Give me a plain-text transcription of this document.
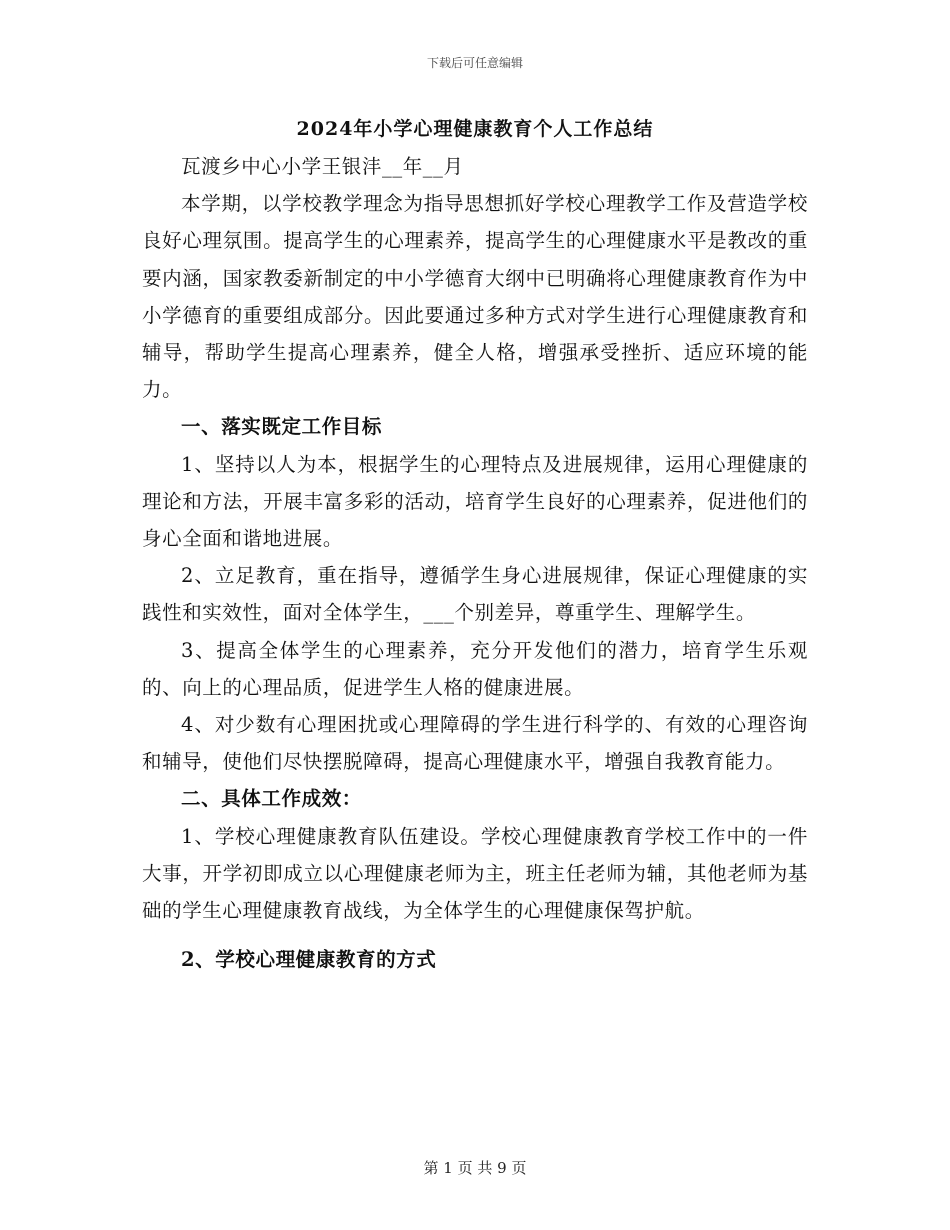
下载后可任意编辑
2024年小学心理健康教育个人工作总结

瓦渡乡中心小学王银沣__年__月

本学期，以学校教学理念为指导思想抓好学校心理教学工作及营造学校良好心理氛围。提高学生的心理素养，提高学生的心理健康水平是教改的重要内涵，国家教委新制定的中小学德育大纲中已明确将心理健康教育作为中小学德育的重要组成部分。因此要通过多种方式对学生进行心理健康教育和辅导，帮助学生提高心理素养，健全人格，增强承受挫折、适应环境的能力。

一、落实既定工作目标

1、坚持以人为本，根据学生的心理特点及进展规律，运用心理健康的理论和方法，开展丰富多彩的活动，培育学生良好的心理素养，促进他们的身心全面和谐地进展。

2、立足教育，重在指导，遵循学生身心进展规律，保证心理健康的实践性和实效性，面对全体学生，___个别差异，尊重学生、理解学生。

3、提高全体学生的心理素养，充分开发他们的潜力，培育学生乐观的、向上的心理品质，促进学生人格的健康进展。

4、对少数有心理困扰或心理障碍的学生进行科学的、有效的心理咨询和辅导，使他们尽快摆脱障碍，提高心理健康水平，增强自我教育能力。

二、具体工作成效：

1、学校心理健康教育队伍建设。学校心理健康教育学校工作中的一件大事，开学初即成立以心理健康老师为主，班主任老师为辅，其他老师为基础的学生心理健康教育战线，为全体学生的心理健康保驾护航。

2、学校心理健康教育的方式

第 1 页 共 9 页
